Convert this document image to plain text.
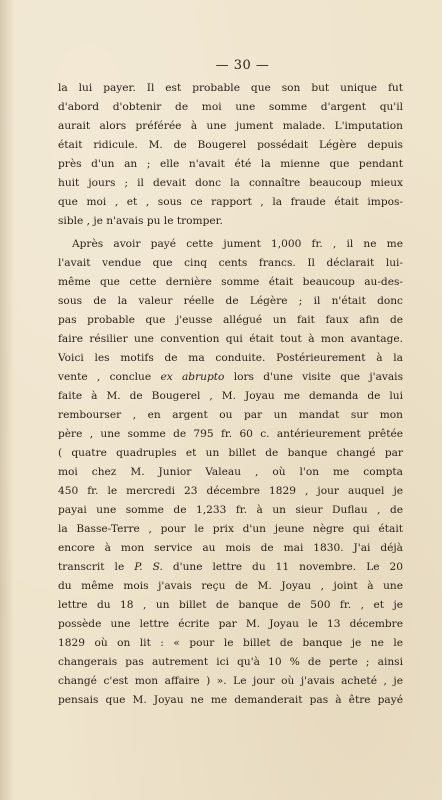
— 30 —
la lui payer. Il est probable que son but unique fut
d'abord d'obtenir de moi une somme d'argent qu'il
aurait alors préférée à une jument malade. L'imputation
était ridicule. M. de Bougerel possédait Légère depuis
près d'un an ; elle n'avait été la mienne que pendant
huit jours ; il devait donc la connaître beaucoup mieux
que moi , et , sous ce rapport , la fraude était impos-
sible , je n'avais pu le tromper.
Après avoir payé cette jument 1,000 fr. , il ne me
l'avait vendue que cinq cents francs. Il déclarait lui-
même que cette dernière somme était beaucoup au-des-
sous de la valeur réelle de Légère ; il n'était donc
pas probable que j'eusse allégué un fait faux afin de
faire résilier une convention qui était tout à mon avantage.
Voici les motifs de ma conduite. Postérieurement à la
vente , conclue ex abrupto lors d'une visite que j'avais
faite à M. de Bougerel , M. Joyau me demanda de lui
rembourser , en argent ou par un mandat sur mon
père , une somme de 795 fr. 60 c. antérieurement prêtée
( quatre quadruples et un billet de banque changé par
moi chez M. Junior Valeau , où l'on me compta
450 fr. le mercredi 23 décembre 1829 , jour auquel je
payai une somme de 1,233 fr. à un sieur Duflau , de
la Basse-Terre , pour le prix d'un jeune nègre qui était
encore à mon service au mois de mai 1830. J'ai déjà
transcrit le P. S. d'une lettre du 11 novembre. Le 20
du même mois j'avais reçu de M. Joyau , joint à une
lettre du 18 , un billet de banque de 500 fr. , et je
possède une lettre écrite par M. Joyau le 13 décembre
1829 où on lit : « pour le billet de banque je ne le
changerais pas autrement ici qu'à 10 % de perte ; ainsi
changé c'est mon affaire ) ». Le jour où j'avais acheté , je
pensais que M. Joyau ne me demanderait pas à être payé
